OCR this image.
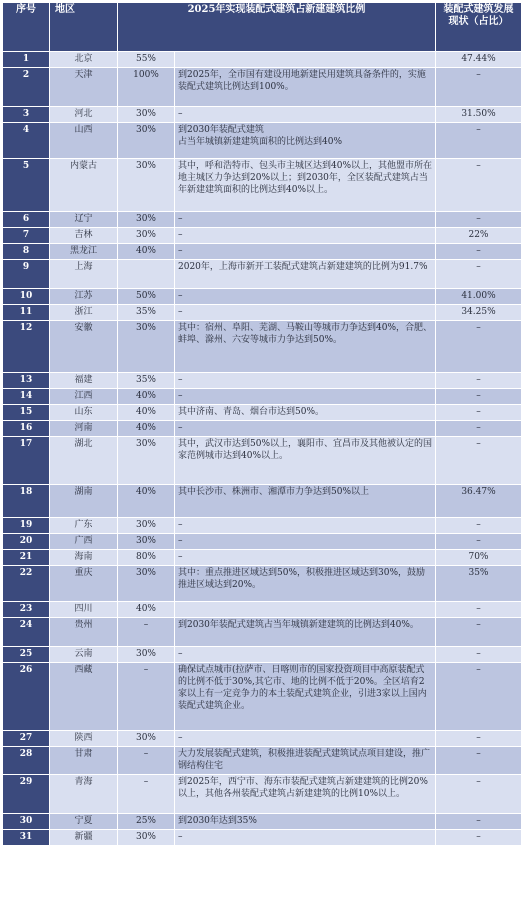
序号	地区	2025年实现装配式建筑占新建建筑比例		装配式建筑发展现状（占比）
1	北京	55%		47.44%
2	天津	100%	到2025年，全市国有建设用地新建民用建筑具备条件的，实施装配式建筑比例达到100%。	–
3	河北	30%	–	31.50%
4	山西	30%	到2030年装配式建筑
占当年城镇新建建筑面积的比例达到40%	–
5	内蒙古	30%	其中，呼和浩特市、包头市主城区达到40%以上，其他盟市所在地主城区力争达到20%以上；到2030年，全区装配式建筑占当年新建建筑面积的比例达到40%以上。	–
6	辽宁	30%	–	–
7	吉林	30%	–	22%
8	黑龙江	40%	–	–
9	上海		2020年，上海市新开工装配式建筑占新建建筑的比例为91.7%	–
10	江苏	50%	–	41.00%
11	浙江	35%	–	34.25%
12	安徽	30%	其中：宿州、阜阳、芜湖、马鞍山等城市力争达到40%，合肥、蚌埠、滁州、六安等城市力争达到50%。	–
13	福建	35%	–	–
14	江西	40%	–	–
15	山东	40%	其中济南、青岛、烟台市达到50%。	–
16	河南	40%	–	–
17	湖北	30%	其中，武汉市达到50%以上，襄阳市、宜昌市及其他被认定的国家范例城市达到40%以上。	–
18	湖南	40%	其中长沙市、株洲市、湘潭市力争达到50%以上	36.47%
19	广东	30%	–	–
20	广西	30%	–	–
21	海南	80%	–	70%
22	重庆	30%	其中：重点推进区域达到50%，积极推进区域达到30%，鼓励推进区域达到20%。	35%
23	四川	40%		–
24	贵州	–	到2030年装配式建筑占当年城镇新建建筑的比例达到40%。	–
25	云南	30%	–	–
26	西藏	–	确保试点城市(拉萨市、日喀则市的国家投资项目中高原装配式的比例不低于30%,其它市、地的比例不低于20%。全区培育2家以上有一定竞争力的本土装配式建筑企业，引进3家以上国内装配式建筑企业。	–
27	陕西	30%	–	–
28	甘肃	–	大力发展装配式建筑，积极推进装配式建筑试点项目建设，推广钢结构住宅	–
29	青海	–	到2025年，西宁市、海东市装配式建筑占新建建筑的比例20%以上，其他各州装配式建筑占新建建筑的比例10%以上。	–
30	宁夏	25%	到2030年达到35%	–
31	新疆	30%	–	–
